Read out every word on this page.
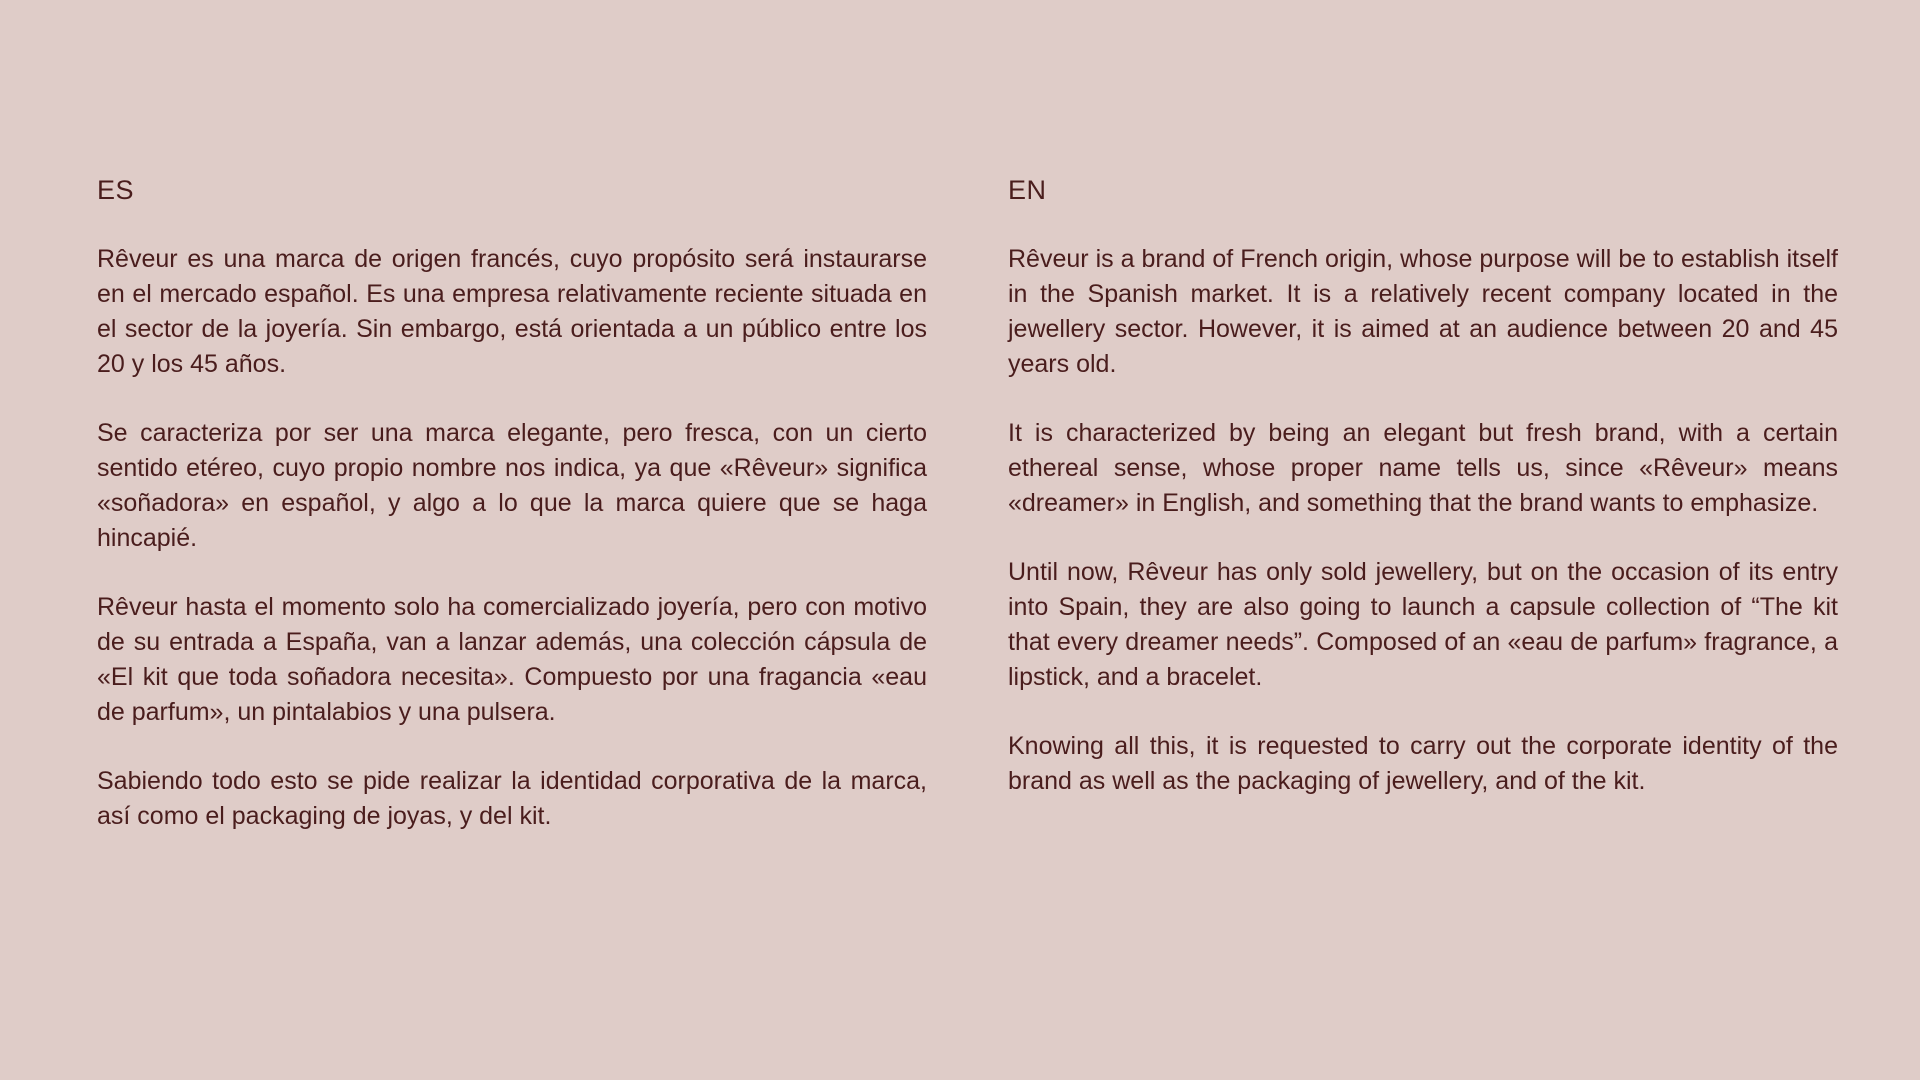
ES

Rêveur es una marca de origen francés, cuyo propósito será instaurarse en el mercado español. Es una empresa relativamente reciente situada en el sector de la joyería. Sin embargo, está orientada a un público entre los 20 y los 45 años.

Se caracteriza por ser una marca elegante, pero fresca, con un cierto sentido etéreo, cuyo propio nombre nos indica, ya que «Rêveur» significa «soñadora» en español, y algo a lo que la marca quiere que se haga hincapié.

Rêveur hasta el momento solo ha comercializado joyería, pero con motivo de su entrada a España, van a lanzar además, una colección cápsula de «El kit que toda soñadora necesita». Compuesto por una fragancia «eau de parfum», un pintalabios y una pulsera.

Sabiendo todo esto se pide realizar la identidad corporativa de la marca, así como el packaging de joyas, y del kit.

EN

Rêveur is a brand of French origin, whose purpose will be to establish itself in the Spanish market. It is a relatively recent company located in the jewellery sector. However, it is aimed at an audience between 20 and 45 years old.

It is characterized by being an elegant but fresh brand, with a certain ethereal sense, whose proper name tells us, since «Rêveur» means «dreamer» in English, and something that the brand wants to emphasize.

Until now, Rêveur has only sold jewellery, but on the occasion of its entry into Spain, they are also going to launch a capsule collection of “The kit that every dreamer needs”. Composed of an «eau de parfum» fragrance, a lipstick, and a bracelet.

Knowing all this, it is requested to carry out the corporate identity of the brand as well as the packaging of jewellery, and of the kit.
